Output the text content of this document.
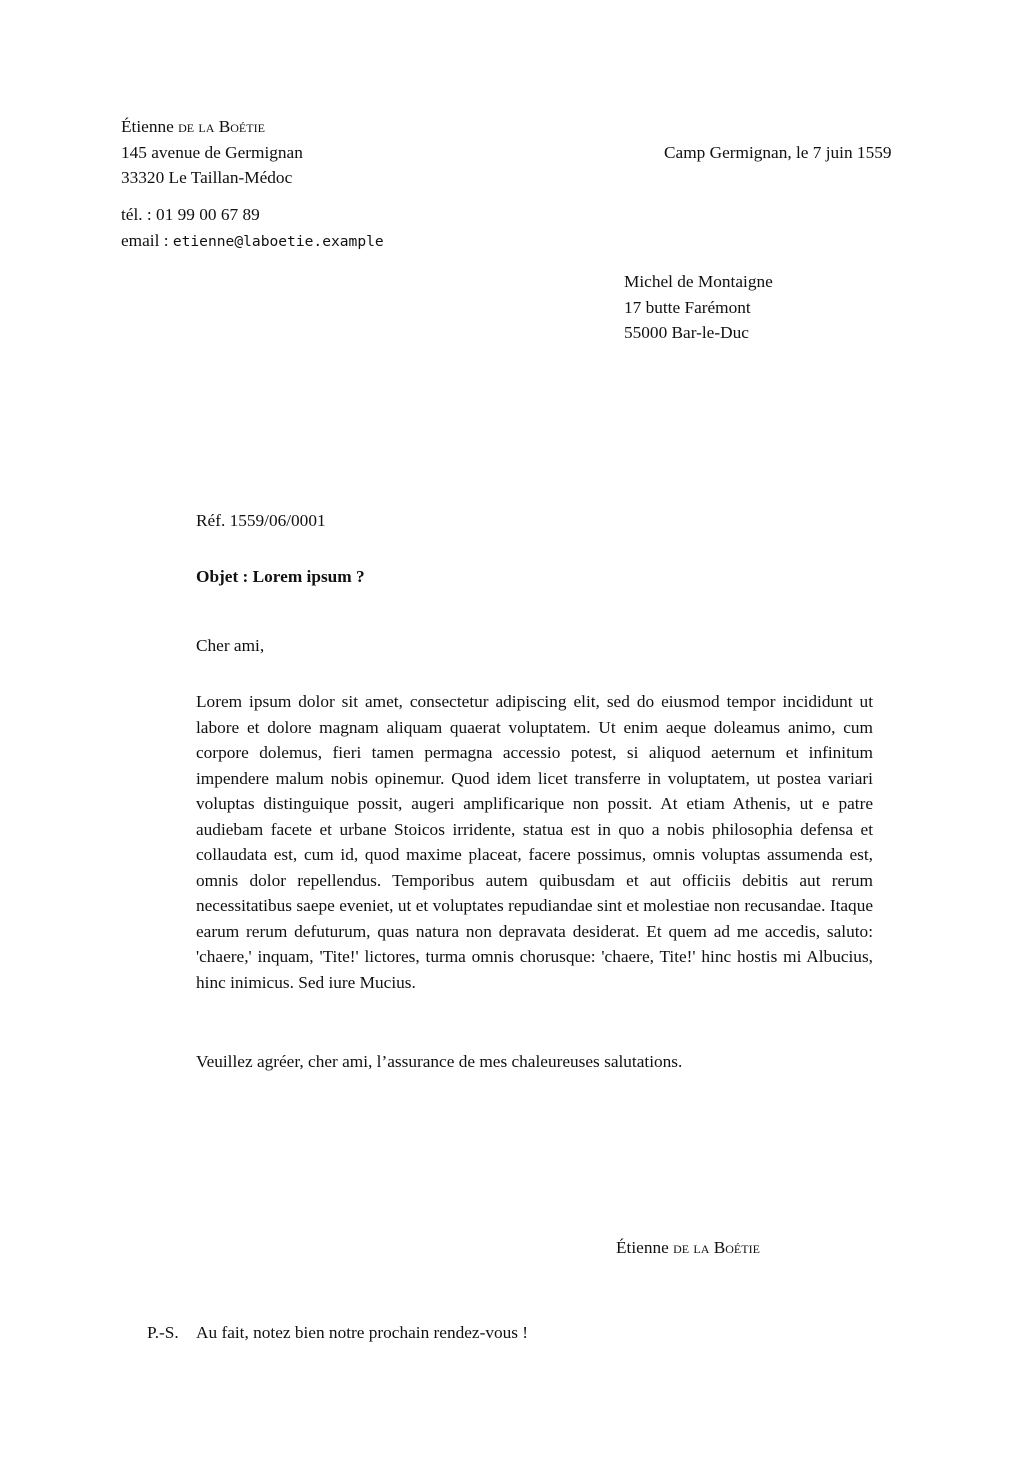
Étienne de la Boétie
145 avenue de Germignan
33320 Le Taillan-Médoc
tél. : 01 99 00 67 89
email : etienne@laboetie.example
Camp Germignan, le 7 juin 1559
Michel de Montaigne
17 butte Farémont
55000 Bar-le-Duc
Réf. 1559/06/0001
Objet : Lorem ipsum ?
Cher ami,
Lorem ipsum dolor sit amet, consectetur adipiscing elit, sed do eiusmod tempor incididunt ut labore et dolore magnam aliquam quaerat voluptatem. Ut enim aeque doleamus animo, cum corpore dolemus, fieri tamen permagna accessio potest, si aliquod aeternum et infinitum impendere malum nobis opinemur. Quod idem licet transferre in voluptatem, ut postea variari voluptas distinguique possit, augeri amplificarique non possit. At etiam Athenis, ut e patre audiebam facete et urbane Stoicos irridente, statua est in quo a nobis philosophia defensa et collaudata est, cum id, quod maxime placeat, facere possimus, omnis voluptas assumenda est, omnis dolor repellendus. Temporibus autem quibusdam et aut officiis debitis aut rerum necessitatibus saepe eveniet, ut et voluptates repudiandae sint et molestiae non recusandae. Itaque earum rerum defuturum, quas natura non depravata desiderat. Et quem ad me accedis, saluto: 'chaere,' inquam, 'Tite!' lictores, turma omnis chorusque: 'chaere, Tite!' hinc hostis mi Albucius, hinc inimicus. Sed iure Mucius.
Veuillez agréer, cher ami, l’assurance de mes chaleureuses salutations.
Étienne de la Boétie
P.-S. Au fait, notez bien notre prochain rendez-vous !
